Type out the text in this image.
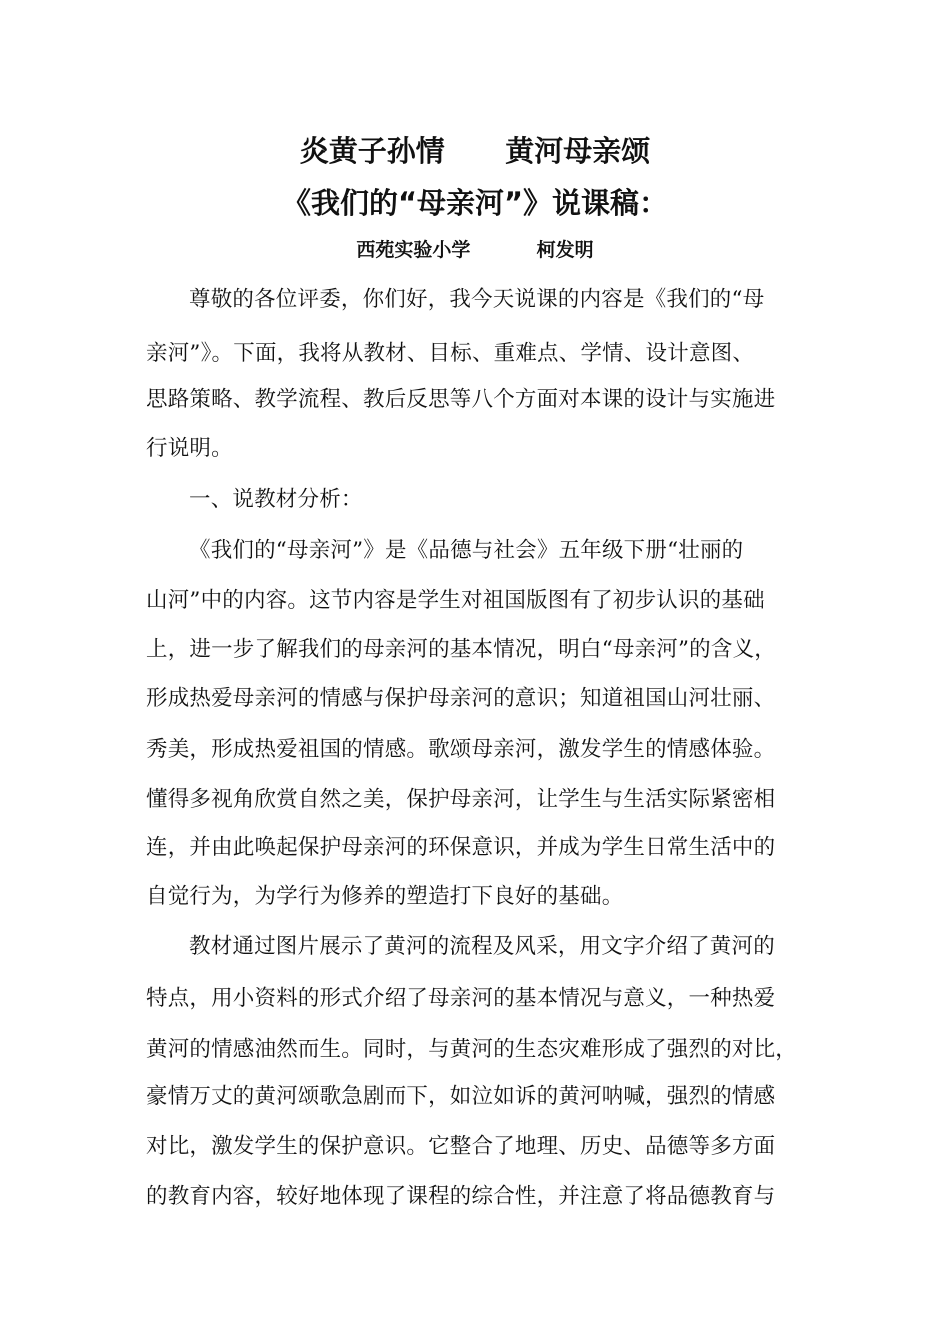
炎黄子孙情      黄河母亲颂
《我们的“母亲河”》说课稿：
西苑实验小学          柯发明
尊敬的各位评委，你们好，我今天说课的内容是《我们的“母
亲河”》。下面，我将从教材、目标、重难点、学情、设计意图、
思路策略、教学流程、教后反思等八个方面对本课的设计与实施进
行说明。
一、说教材分析：
《我们的“母亲河”》是《品德与社会》五年级下册“壮丽的
山河”中的内容。这节内容是学生对祖国版图有了初步认识的基础
上，进一步了解我们的母亲河的基本情况，明白“母亲河”的含义，
形成热爱母亲河的情感与保护母亲河的意识；知道祖国山河壮丽、
秀美，形成热爱祖国的情感。歌颂母亲河，激发学生的情感体验。
懂得多视角欣赏自然之美，保护母亲河，让学生与生活实际紧密相
连，并由此唤起保护母亲河的环保意识，并成为学生日常生活中的
自觉行为，为学行为修养的塑造打下良好的基础。
教材通过图片展示了黄河的流程及风采，用文字介绍了黄河的
特点，用小资料的形式介绍了母亲河的基本情况与意义，一种热爱
黄河的情感油然而生。同时，与黄河的生态灾难形成了强烈的对比，
豪情万丈的黄河颂歌急剧而下，如泣如诉的黄河呐喊，强烈的情感
对比，激发学生的保护意识。它整合了地理、历史、品德等多方面
的教育内容，较好地体现了课程的综合性，并注意了将品德教育与
